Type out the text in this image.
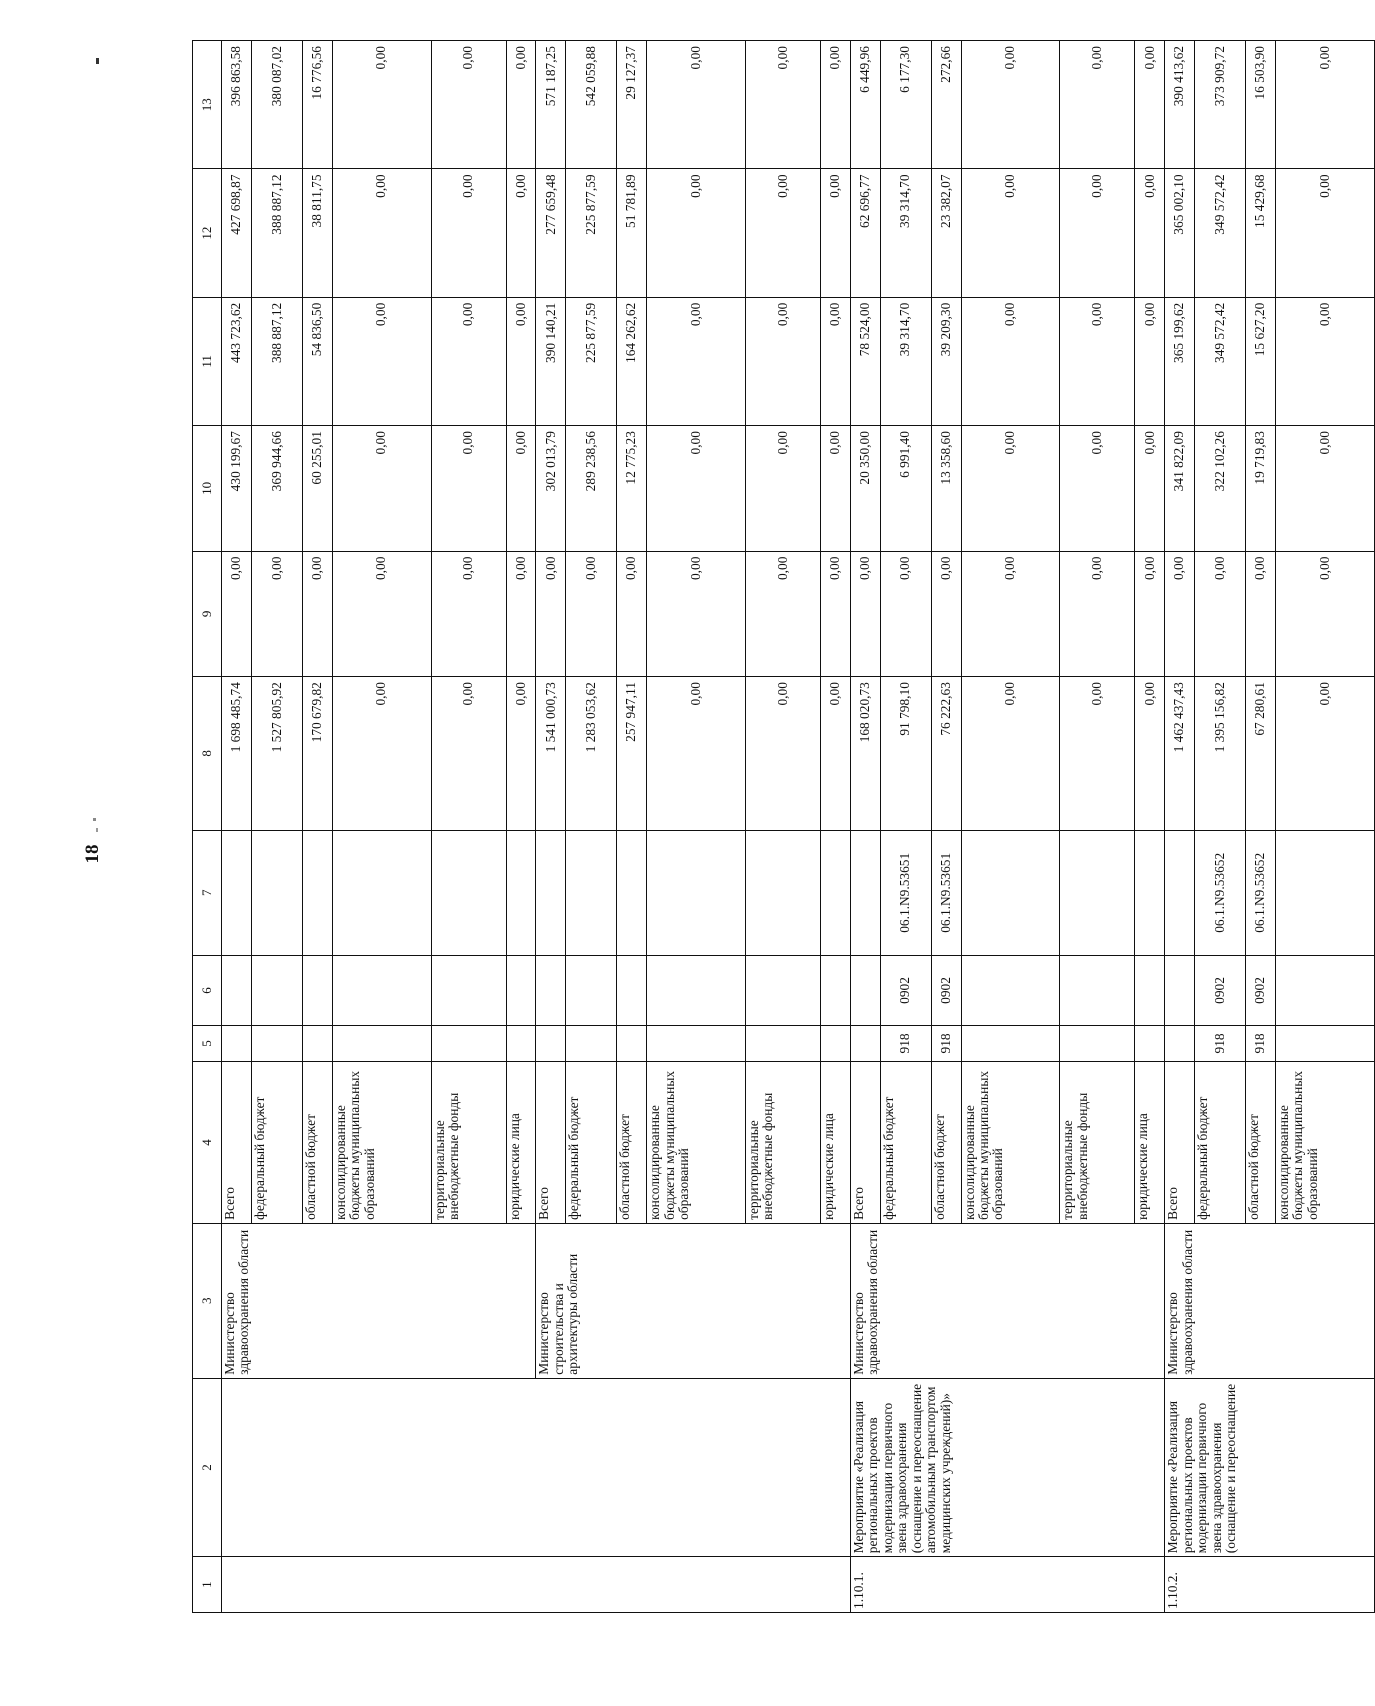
18
1	2	3	4	5	6	7	8	9	10	11	12	13
		Министерство здравоохранения области	Всего				1 698 485,74	0,00	430 199,67	443 723,62	427 698,87	396 863,58
			федеральный бюджет				1 527 805,92	0,00	369 944,66	388 887,12	388 887,12	380 087,02
			областной бюджет				170 679,82	0,00	60 255,01	54 836,50	38 811,75	16 776,56
			консолидированные бюджеты муниципальных образований				0,00	0,00	0,00	0,00	0,00	0,00
			территориальные внебюджетные фонды				0,00	0,00	0,00	0,00	0,00	0,00
			юридические лица				0,00	0,00	0,00	0,00	0,00	0,00
		Министерство строительства и архитектуры области	Всего				1 541 000,73	0,00	302 013,79	390 140,21	277 659,48	571 187,25
			федеральный бюджет				1 283 053,62	0,00	289 238,56	225 877,59	225 877,59	542 059,88
			областной бюджет				257 947,11	0,00	12 775,23	164 262,62	51 781,89	29 127,37
			консолидированные бюджеты муниципальных образований				0,00	0,00	0,00	0,00	0,00	0,00
			территориальные внебюджетные фонды				0,00	0,00	0,00	0,00	0,00	0,00
			юридические лица				0,00	0,00	0,00	0,00	0,00	0,00
1.10.1.	Мероприятие «Реализация региональных проектов модернизации первичного звена здравоохранения (оснащение и переоснащение автомобильным транспортом медицинских учреждений)»	Министерство здравоохранения области	Всего				168 020,73	0,00	20 350,00	78 524,00	62 696,77	6 449,96
			федеральный бюджет	918	0902	06.1.N9.53651	91 798,10	0,00	6 991,40	39 314,70	39 314,70	6 177,30
			областной бюджет	918	0902	06.1.N9.53651	76 222,63	0,00	13 358,60	39 209,30	23 382,07	272,66
			консолидированные бюджеты муниципальных образований				0,00	0,00	0,00	0,00	0,00	0,00
			территориальные внебюджетные фонды				0,00	0,00	0,00	0,00	0,00	0,00
			юридические лица				0,00	0,00	0,00	0,00	0,00	0,00
1.10.2.	Мероприятие «Реализация региональных проектов модернизации первичного звена здравоохранения (оснащение и переоснащение	Министерство здравоохранения области	Всего				1 462 437,43	0,00	341 822,09	365 199,62	365 002,10	390 413,62
			федеральный бюджет	918	0902	06.1.N9.53652	1 395 156,82	0,00	322 102,26	349 572,42	349 572,42	373 909,72
			областной бюджет	918	0902	06.1.N9.53652	67 280,61	0,00	19 719,83	15 627,20	15 429,68	16 503,90
			консолидированные бюджеты муниципальных образований				0,00	0,00	0,00	0,00	0,00	0,00
